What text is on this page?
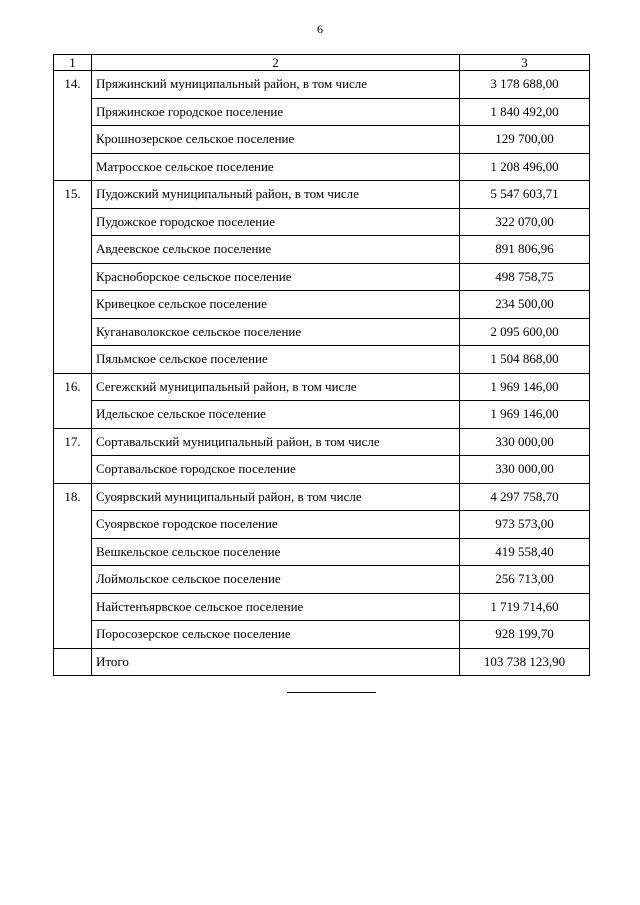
6
1	2	3
14.	Пряжинский муниципальный район, в том числе	3 178 688,00
	Пряжинское городское поселение	1 840 492,00
	Крошнозерское сельское поселение	129 700,00
	Матросское сельское поселение	1 208 496,00
15.	Пудожский муниципальный район, в том числе	5 547 603,71
	Пудожское городское поселение	322 070,00
	Авдеевское сельское поселение	891 806,96
	Красноборское сельское поселение	498 758,75
	Кривецкое сельское поселение	234 500,00
	Куганаволокское сельское поселение	2 095 600,00
	Пяльмское сельское поселение	1 504 868,00
16.	Сегежский муниципальный район, в том числе	1 969 146,00
	Идельское сельское поселение	1 969 146,00
17.	Сортавальский муниципальный район, в том числе	330 000,00
	Сортавальское городское поселение	330 000,00
18.	Суоярвский муниципальный район, в том числе	4 297 758,70
	Суоярвское городское поселение	973 573,00
	Вешкельское сельское поселение	419 558,40
	Лоймольское сельское поселение	256 713,00
	Найстенъярвское сельское поселение	1 719 714,60
	Поросозерское сельское поселение	928 199,70
	Итого	103 738 123,90
